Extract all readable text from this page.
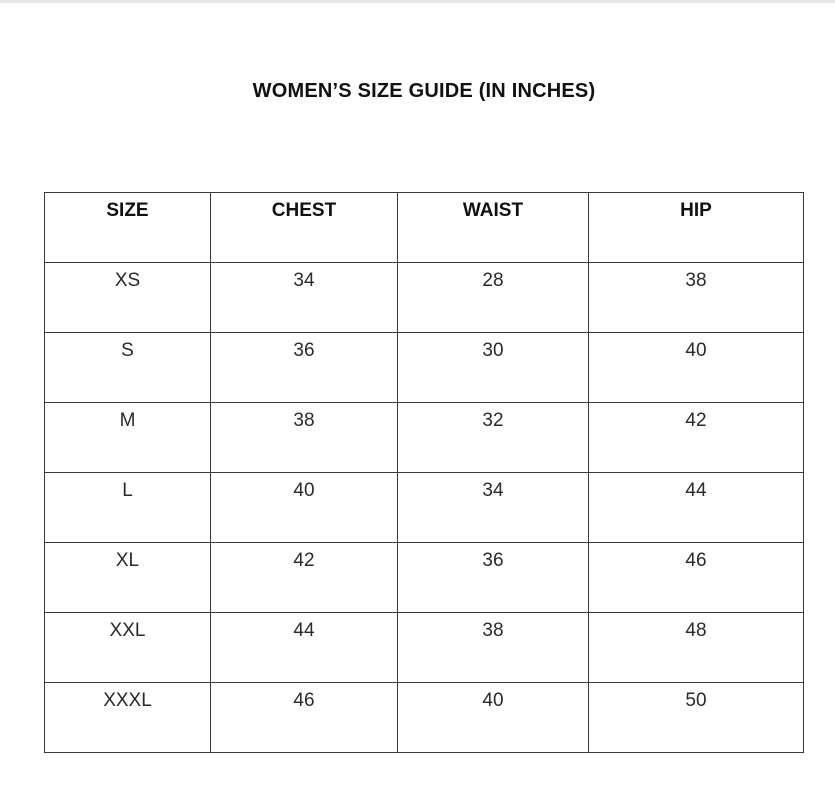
WOMEN’S SIZE GUIDE (IN INCHES)
SIZE	CHEST	WAIST	HIP
XS	34	28	38
S	36	30	40
M	38	32	42
L	40	34	44
XL	42	36	46
XXL	44	38	48
XXXL	46	40	50
